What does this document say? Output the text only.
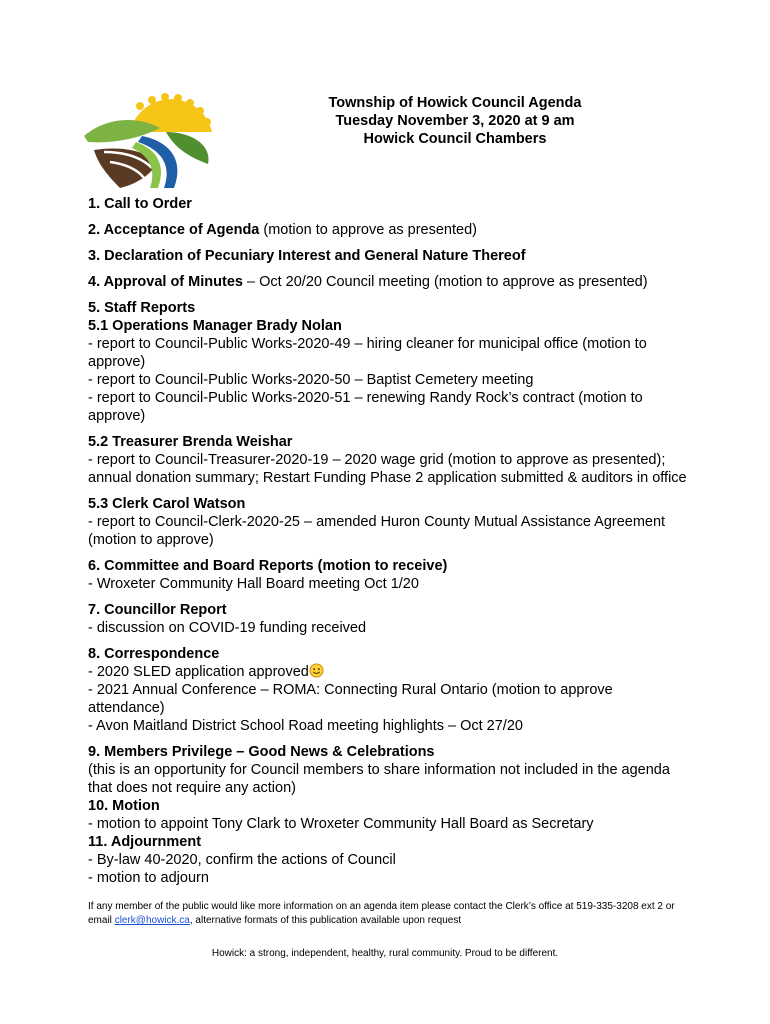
Township of Howick Council Agenda
Tuesday November 3, 2020 at 9 am
Howick Council Chambers

1. Call to Order

2. Acceptance of Agenda (motion to approve as presented)

3. Declaration of Pecuniary Interest and General Nature Thereof

4. Approval of Minutes – Oct 20/20 Council meeting (motion to approve as presented)

5. Staff Reports

5.1 Operations Manager Brady Nolan

- report to Council-Public Works-2020-49 – hiring cleaner for municipal office (motion to approve)

- report to Council-Public Works-2020-50 – Baptist Cemetery meeting

- report to Council-Public Works-2020-51 – renewing Randy Rock’s contract (motion to approve)

5.2 Treasurer Brenda Weishar

- report to Council-Treasurer-2020-19 – 2020 wage grid (motion to approve as presented); annual donation summary; Restart Funding Phase 2 application submitted & auditors in office

5.3 Clerk Carol Watson

- report to Council-Clerk-2020-25 – amended Huron County Mutual Assistance Agreement (motion to approve)

6. Committee and Board Reports (motion to receive)

- Wroxeter Community Hall Board meeting Oct 1/20

7. Councillor Report

- discussion on COVID-19 funding received

8. Correspondence

- 2020 SLED application approved

- 2021 Annual Conference – ROMA: Connecting Rural Ontario (motion to approve attendance)

- Avon Maitland District School Road meeting highlights – Oct 27/20

9. Members Privilege – Good News & Celebrations

(this is an opportunity for Council members to share information not included in the agenda that does not require any action)

10. Motion

- motion to appoint Tony Clark to Wroxeter Community Hall Board as Secretary

11. Adjournment

- By-law 40-2020, confirm the actions of Council

- motion to adjourn

If any member of the public would like more information on an agenda item please contact the Clerk’s office at 519-335-3208 ext 2 or email clerk@howick.ca, alternative formats of this publication available upon request
Howick: a strong, independent, healthy, rural community. Proud to be different.
